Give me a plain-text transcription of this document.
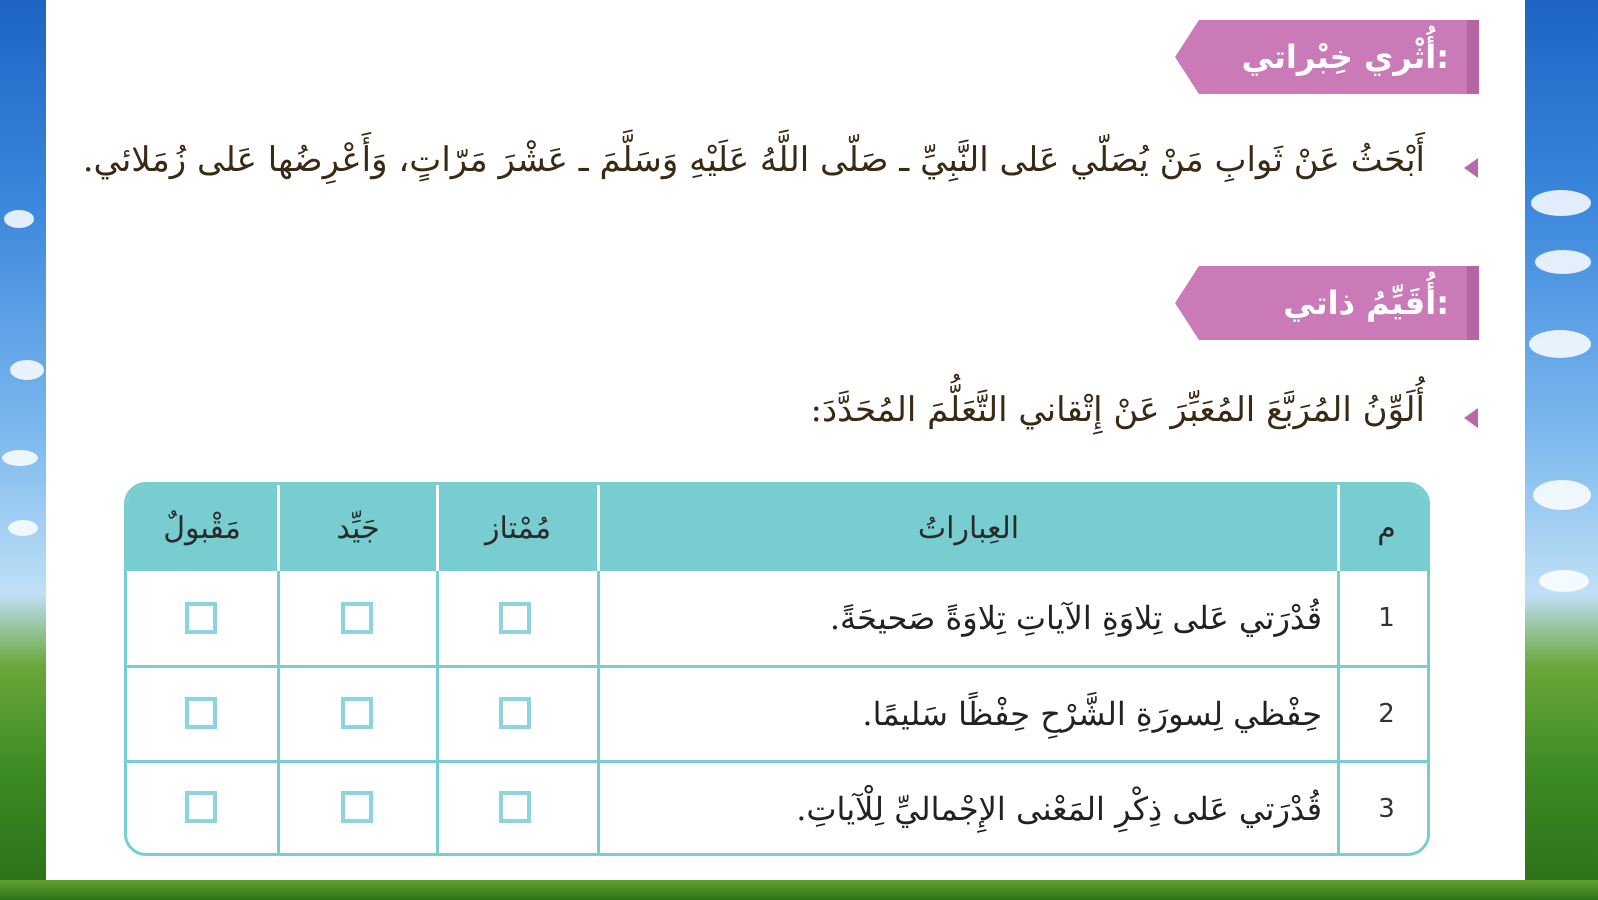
أُثْري خِبْراتي:
أَبْحَثُ عَنْ ثَوابِ مَنْ يُصَلّي عَلى النَّبِيِّ ـ صَلّى اللَّهُ عَلَيْهِ وَسَلَّمَ ـ عَشْرَ مَرّاتٍ، وَأَعْرِضُها عَلى زُمَلائي.
أُقَيِّمُ ذاتي:
أُلَوِّنُ المُرَبَّعَ المُعَبِّرَ عَنْ إِتْقاني التَّعَلُّمَ المُحَدَّدَ:
م
العِباراتُ
مُمْتاز
جَيِّد
مَقْبولٌ
1
قُدْرَتي عَلى تِلاوَةِ الآياتِ تِلاوَةً صَحيحَةً.
2
حِفْظي لِسورَةِ الشَّرْحِ حِفْظًا سَليمًا.
3
قُدْرَتي عَلى ذِكْرِ المَعْنى الإِجْماليِّ لِلْآياتِ.
